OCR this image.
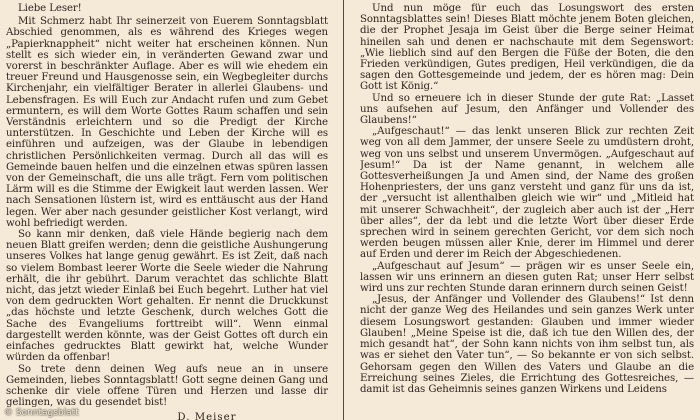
Liebe Leser!

Mit Schmerz habt Ihr seinerzeit von Euerem Sonntagsblatt Abschied genommen, als es während des Krieges wegen „Papierknappheit“ nicht weiter hat erscheinen können. Nun stellt es sich wieder ein, in veränderten Gewand zwar und vorerst in beschränkter Auflage. Aber es will wie ehedem ein treuer Freund und Hausgenosse sein, ein Wegbegleiter durchs Kirchenjahr, ein vielfältiger Berater in allerlei Glaubens- und Lebensfragen. Es will Euch zur Andacht rufen und zum Gebet ermuntern, es will dem Worte Gottes Raum schaffen und sein Verständnis erleichtern und so die Predigt der Kirche unterstützen. In Geschichte und Leben der Kirche will es einführen und aufzeigen, was der Glaube in lebendigen christlichen Persönlichkeiten vermag. Durch all das will es Gemeinde bauen helfen und die einzelnen etwas spüren lassen von der Gemeinschaft, die uns alle trägt. Fern vom politischen Lärm will es die Stimme der Ewigkeit laut werden lassen. Wer nach Sensationen lüstern ist, wird es enttäuscht aus der Hand legen. Wer aber nach gesunder geistlicher Kost verlangt, wird wohl befriedigt werden.

So kann mir denken, daß viele Hände begierig nach dem neuen Blatt greifen werden; denn die geistliche Aushungerung unseres Volkes hat lange genug gewährt. Es ist Zeit, daß nach so vielem Bombast leerer Worte die Seele wieder die Nahrung erhält, die ihr gebührt. Darum verachtet das schlichte Blatt nicht, das jetzt wieder Einlaß bei Euch begehrt. Luther hat viel von dem gedruckten Wort gehalten. Er nennt die Druckkunst „das höchste und letzte Geschenk, durch welches Gott die Sache des Evangeliums forttreibt will“. Wenn einmal dargestellt werden könnte, was der Geist Gottes oft durch ein einfaches gedrucktes Blatt gewirkt hat, welche Wunder würden da offenbar!

So trete denn deinen Weg aufs neue an in unsere Gemeinden, liebes Sonntagsblatt! Gott segne deinen Gang und schenke dir viele offene Türen und Herzen und lasse dir gelingen, was du gesendet bist!

D. Meiser

Und nun möge für euch das Losungswort des ersten Sonntagsblattes sein! Dieses Blatt möchte jenem Boten gleichen, die der Prophet Jesaja im Geist über die Berge seiner Heimat hineilen sah und denen er nachschaute mit dem Segenswort: „Wie lieblich sind auf den Bergen die Füße der Boten, die den Frieden verkündigen, Gutes predigen, Heil verkündigen, die da sagen den Gottesgemeinde und jedem, der es hören mag: Dein Gott ist König.“

Und so erneuere ich in dieser Stunde der gute Rat: „Lasset uns aufsehen auf Jesum, den Anfänger und Vollender des Glaubens!“

„Aufgeschaut!“ — das lenkt unseren Blick zur rechten Zeit weg von all dem Jammer, der unsere Seele zu umdüstern droht, weg von uns selbst und unserem Unvermögen. „Aufgeschaut auf Jesum!“ Da ist der Name genannt, in welchem alle Gottesverheißungen Ja und Amen sind, der Name des großen Hohenpriesters, der uns ganz versteht und ganz für uns da ist, der „versucht ist allenthalben gleich wie wir“ und „Mitleid hat mit unserer Schwachheit“, der zugleich aber auch ist der „Herr über alles“, der da lebt und die letzte Wort über dieser Erde sprechen wird in seinem gerechten Gericht, vor dem sich noch werden beugen müssen aller Knie, derer im Himmel und derer auf Erden und derer im Reich der Abgeschiedenen.

„Aufgeschaut auf Jesum“ — prägen wir es unser Seele ein, lassen wir uns erinnern an diesen guten Rat; unser Herr selbst wird uns zur rechten Stunde daran erinnern durch seinen Geist!

„Jesus, der Anfänger und Vollender des Glaubens!“ Ist denn nicht der ganze Weg des Heilandes und sein ganzes Werk unter diesem Losungswort gestanden: Glauben und immer wieder Glauben! „Meine Speise ist die, daß ich tue den Willen des, der mich gesandt hat“, der Sohn kann nichts von ihm selbst tun, als was er siehet den Vater tun“, — So bekannte er von sich selbst. Gehorsam gegen den Willen des Vaters und Glaube an die Erreichung seines Zieles, die Errichtung des Gottesreiches, — damit ist das Geheimnis seines ganzen Wirkens und Leidens

© Sonntagsblatt
